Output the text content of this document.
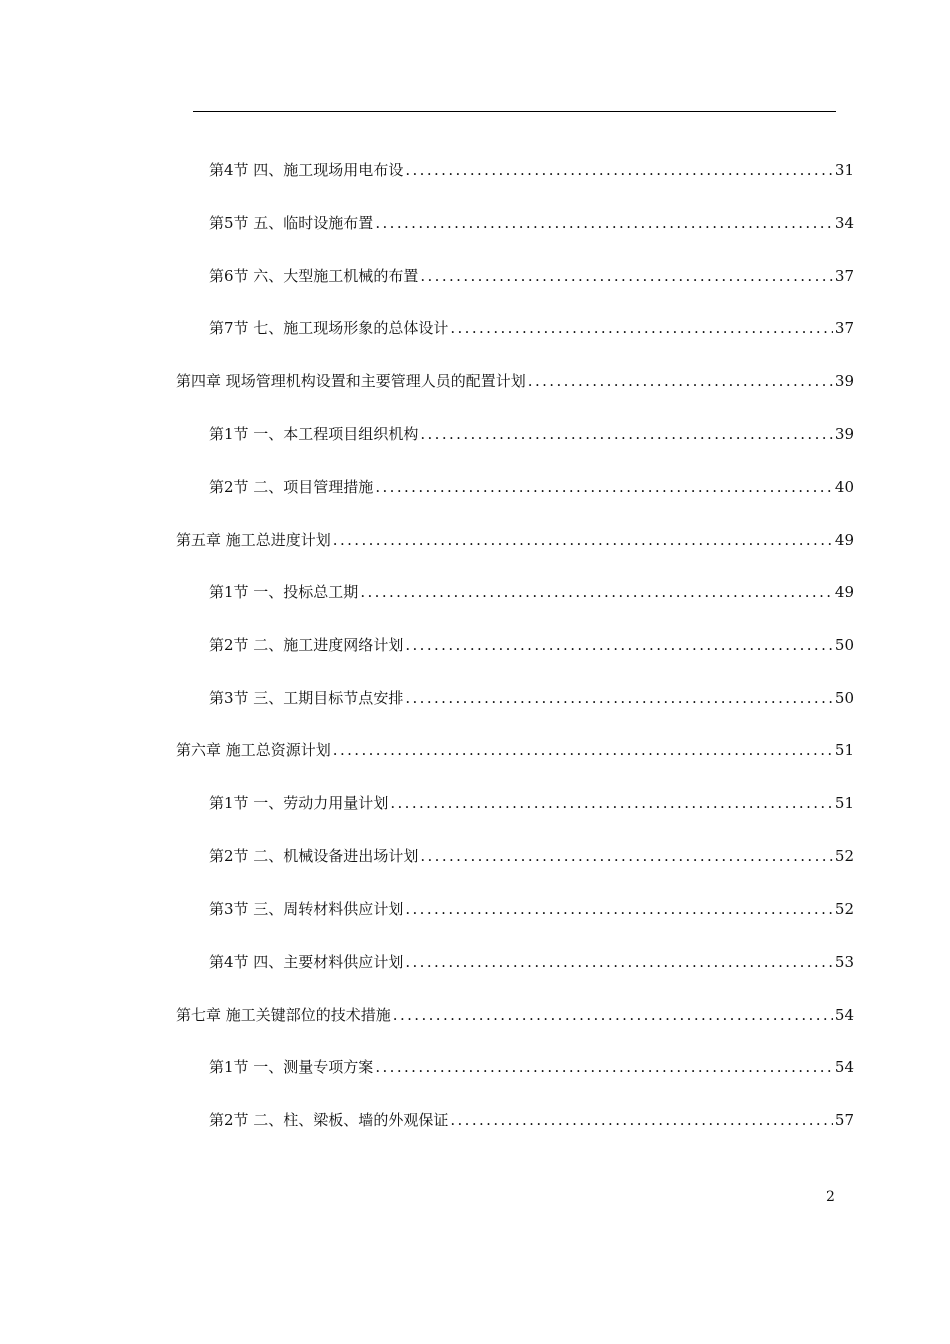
第4节 四、施工现场用电布设 .....	31
第5节 五、临时设施布置 .....	34
第6节 六、大型施工机械的布置 .....	37
第7节 七、施工现场形象的总体设计 .....	37
第四章 现场管理机构设置和主要管理人员的配置计划 .....	39
第1节 一、本工程项目组织机构 .....	39
第2节 二、项目管理措施 .....	40
第五章 施工总进度计划 .....	49
第1节 一、投标总工期 .....	49
第2节 二、施工进度网络计划 .....	50
第3节 三、工期目标节点安排 .....	50
第六章 施工总资源计划 .....	51
第1节 一、劳动力用量计划 .....	51
第2节 二、机械设备进出场计划 .....	52
第3节 三、周转材料供应计划 .....	52
第4节 四、主要材料供应计划 .....	53
第七章 施工关键部位的技术措施 .....	54
第1节 一、测量专项方案 .....	54
第2节 二、柱、梁板、墙的外观保证 .....	57
2
